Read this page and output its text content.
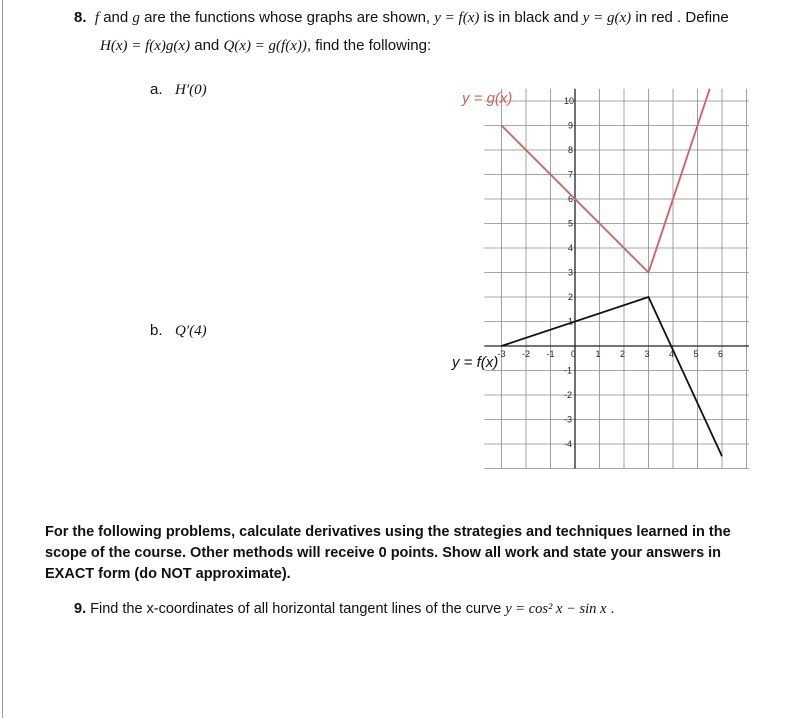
8. f and g are the functions whose graphs are shown, y = f(x) is in black and y = g(x) in red . Define
H(x) = f(x)g(x) and Q(x) = g(f(x)), find the following:
a. H′(0)
b. Q′(4)
-3 -2 -1 0 1 2 3 4 5 6
10
9
8
7
6
5
4
3
2
1
-1
-2
-3
-4
y = g(x)
y = f(x)
For the following problems, calculate derivatives using the strategies and techniques learned in the scope of the course. Other methods will receive 0 points. Show all work and state your answers in EXACT form (do NOT approximate).
9. Find the x-coordinates of all horizontal tangent lines of the curve y = cos² x − sin x .
